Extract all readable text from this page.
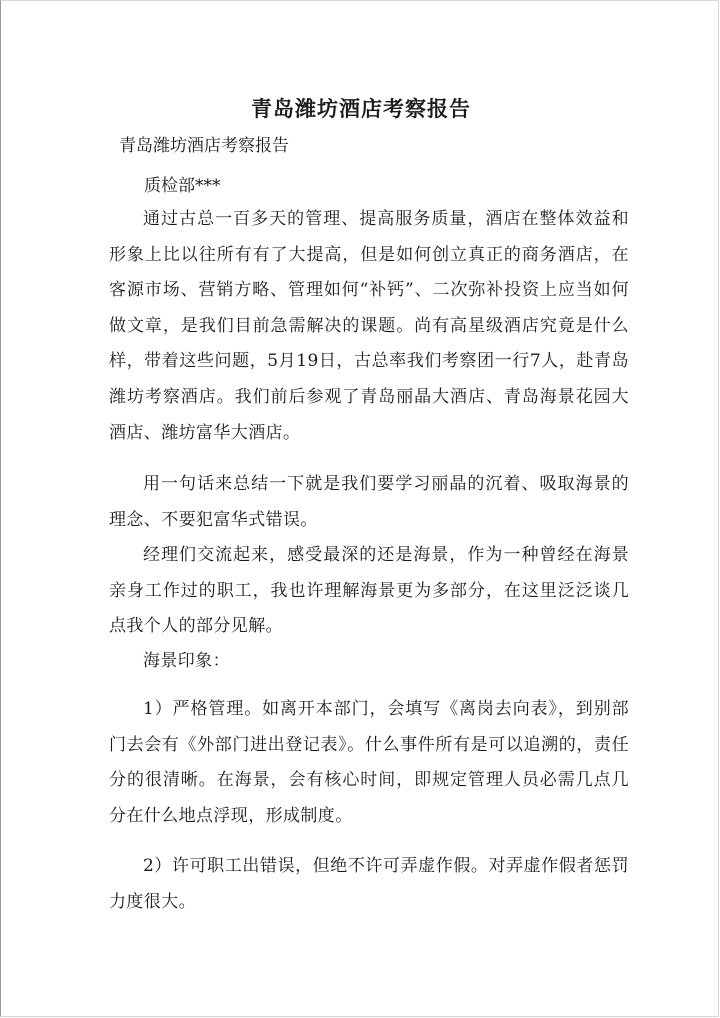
青岛潍坊酒店考察报告
青岛潍坊酒店考察报告
质检部***
通过古总一百多天的管理、提高服务质量，酒店在整体效益和形象上比以往所有有了大提高，但是如何创立真正的商务酒店，在客源市场、营销方略、管理如何“补钙”、二次弥补投资上应当如何做文章，是我们目前急需解决的课题。尚有高星级酒店究竟是什么样，带着这些问题，5月19日，古总率我们考察团一行7人，赴青岛潍坊考察酒店。我们前后参观了青岛丽晶大酒店、青岛海景花园大酒店、潍坊富华大酒店。
用一句话来总结一下就是我们要学习丽晶的沉着、吸取海景的理念、不要犯富华式错误。
经理们交流起来，感受最深的还是海景，作为一种曾经在海景亲身工作过的职工，我也许理解海景更为多部分，在这里泛泛谈几点我个人的部分见解。
海景印象：
1）严格管理。如离开本部门，会填写《离岗去向表》，到别部门去会有《外部门进出登记表》。什么事件所有是可以追溯的，责任分的很清晰。在海景，会有核心时间，即规定管理人员必需几点几分在什么地点浮现，形成制度。
2）许可职工出错误，但绝不许可弄虚作假。对弄虚作假者惩罚力度很大。
